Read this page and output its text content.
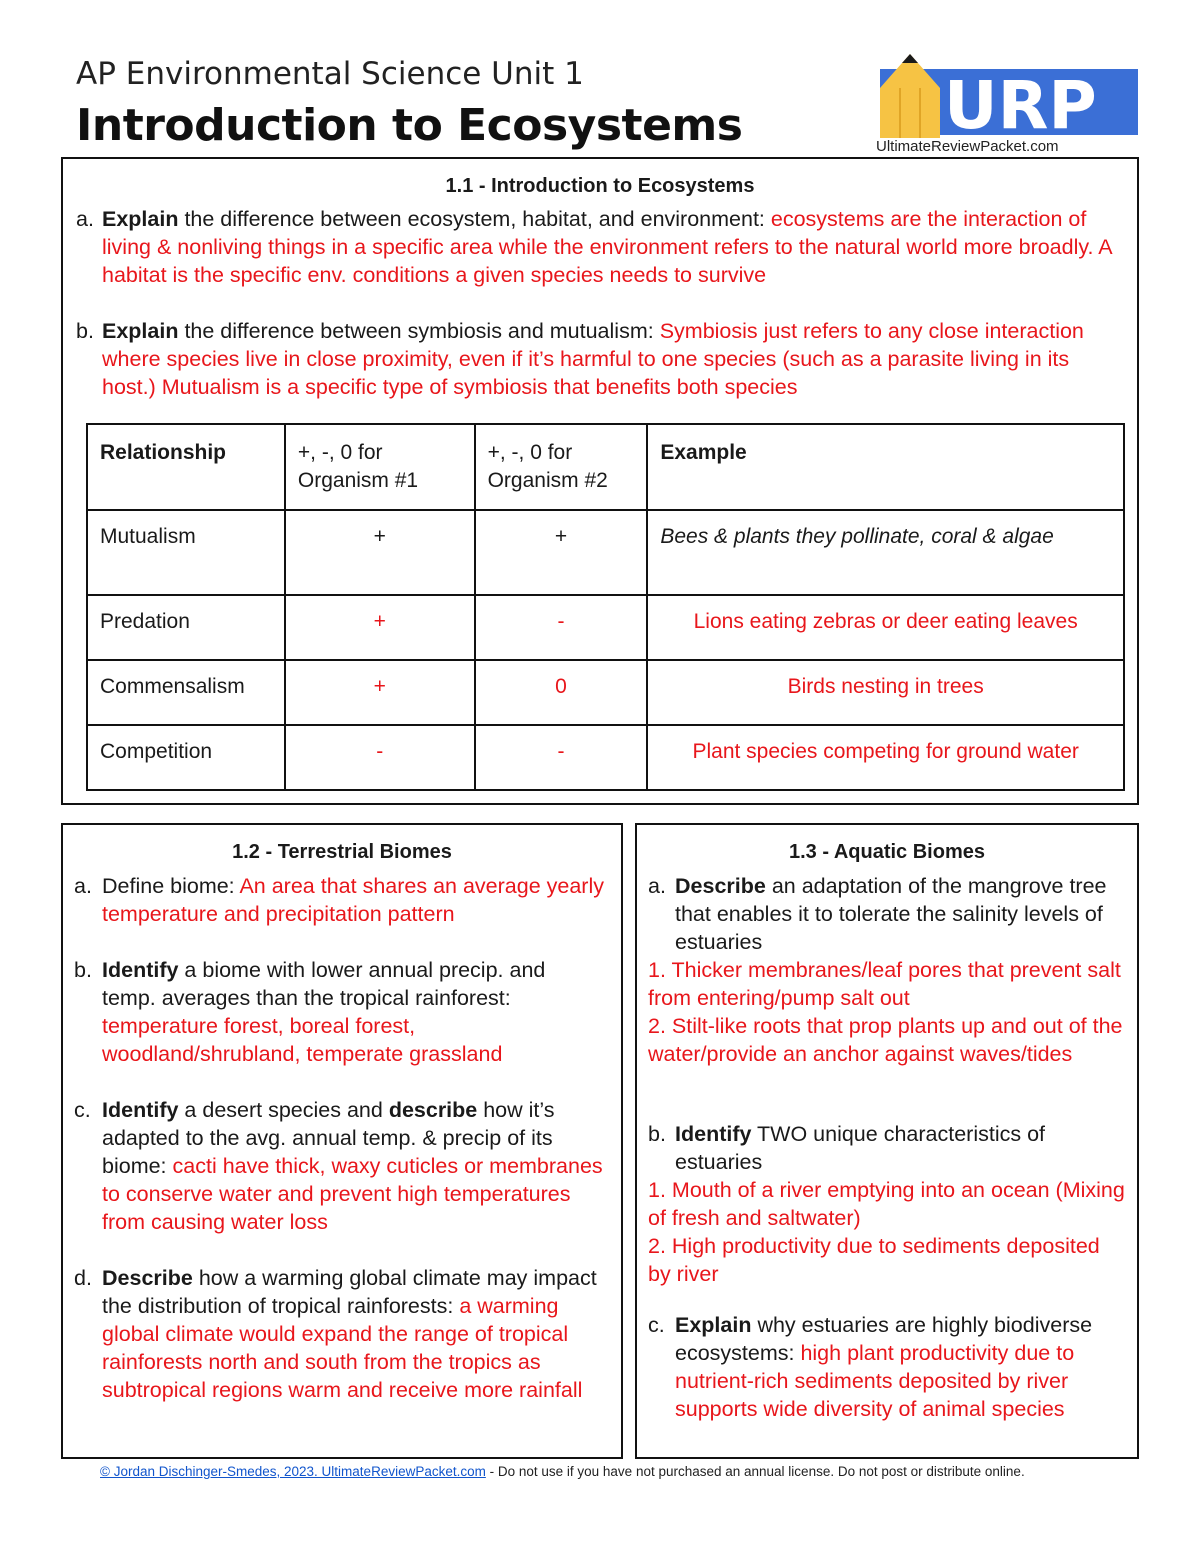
AP Environmental Science Unit 1
Introduction to Ecosystems	URP
UltimateReviewPacket.com
1.1 - Introduction to Ecosystems
a. Explain the difference between ecosystem, habitat, and environment: ecosystems are the interaction of living & nonliving things in a specific area while the environment refers to the natural world more broadly. A habitat is the specific env. conditions a given species needs to survive
b. Explain the difference between symbiosis and mutualism: Symbiosis just refers to any close interaction where species live in close proximity, even if it’s harmful to one species (such as a parasite living in its host.) Mutualism is a specific type of symbiosis that benefits both species
Relationship	+, -, 0 for Organism #1	+, -, 0 for Organism #2	Example
Mutualism	+	+	Bees & plants they pollinate, coral & algae
Predation	+	-	Lions eating zebras or deer eating leaves
Commensalism	+	0	Birds nesting in trees
Competition	-	-	Plant species competing for ground water
1.2 - Terrestrial Biomes
a. Define biome: An area that shares an average yearly temperature and precipitation pattern
b. Identify a biome with lower annual precip. and temp. averages than the tropical rainforest: temperature forest, boreal forest, woodland/shrubland, temperate grassland
c. Identify a desert species and describe how it’s adapted to the avg. annual temp. & precip of its biome: cacti have thick, waxy cuticles or membranes to conserve water and prevent high temperatures from causing water loss
d. Describe how a warming global climate may impact the distribution of tropical rainforests: a warming global climate would expand the range of tropical rainforests north and south from the tropics as subtropical regions warm and receive more rainfall
1.3 - Aquatic Biomes
a. Describe an adaptation of the mangrove tree that enables it to tolerate the salinity levels of estuaries
1. Thicker membranes/leaf pores that prevent salt from entering/pump salt out
2. Stilt-like roots that prop plants up and out of the water/provide an anchor against waves/tides
b. Identify TWO unique characteristics of estuaries
1. Mouth of a river emptying into an ocean (Mixing of fresh and saltwater)
2. High productivity due to sediments deposited by river
c. Explain why estuaries are highly biodiverse ecosystems: high plant productivity due to nutrient-rich sediments deposited by river supports wide diversity of animal species
© Jordan Dischinger-Smedes, 2023. UltimateReviewPacket.com - Do not use if you have not purchased an annual license. Do not post or distribute online.
